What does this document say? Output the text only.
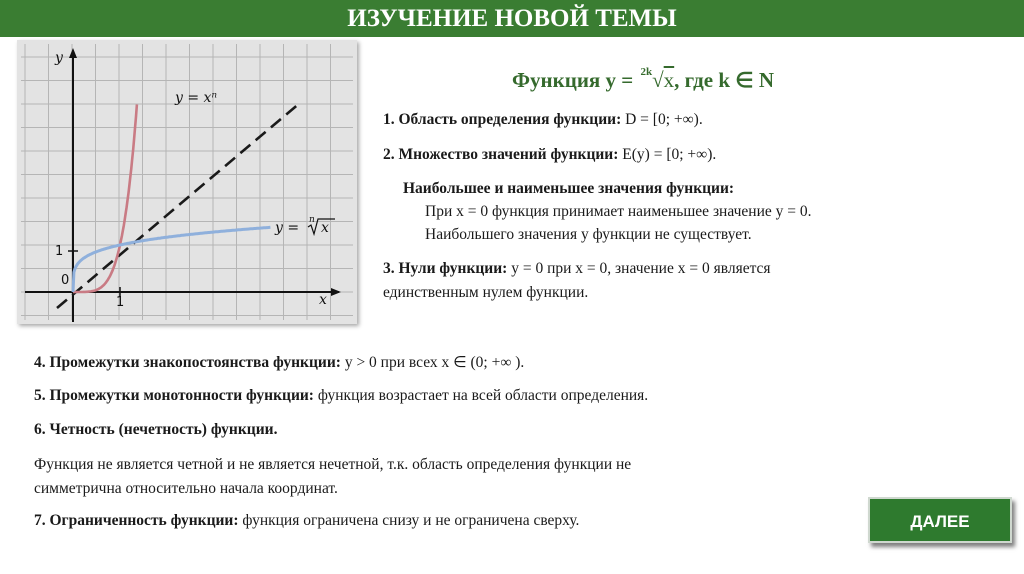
ИЗУЧЕНИЕ НОВОЙ ТЕМЫ
y
x
0
1
1
y = xⁿ
y = n x
Функция y = $^{2k}$√x, где k ∈ N
1. Область определения функции: D = [0; +∞).
2. Множество значений функции: E(y) = [0; +∞).
Наибольшее и наименьшее значения функции:
При x = 0 функция принимает наименьшее значение y = 0.
Наибольшего значения y функции не существует.
3. Нули функции: y = 0 при x = 0, значение x = 0 является
единственным нулем функции.
4. Промежутки знакопостоянства функции: y > 0 при всех x ∈ (0; +∞ ).
5. Промежутки монотонности функции: функция возрастает на всей области определения.
6. Четность (нечетность) функции.
Функция не является четной и не является нечетной, т.к. область определения функции не
симметрична относительно начала координат.
7. Ограниченность функции: функция ограничена снизу и не ограничена сверху.	ДАЛЕЕ
